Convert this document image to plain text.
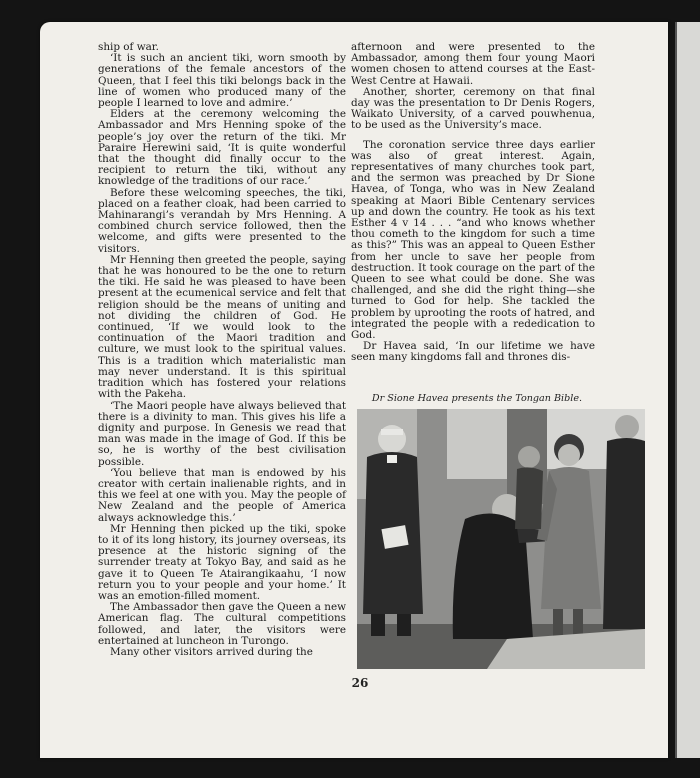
ship of war.

‘It is such an ancient tiki, worn smooth by generations of the female ancestors of the Queen, that I feel this tiki belongs back in the line of women who produced many of the people I learned to love and admire.’

Elders at the ceremony welcoming the Ambassador and Mrs Henning spoke of the people’s joy over the return of the tiki. Mr Paraire Herewini said, ‘It is quite wonderful that the thought did finally occur to the recipient to return the tiki, without any knowledge of the traditions of our race.’

Before these welcoming speeches, the tiki, placed on a feather cloak, had been carried to Mahinarangi’s verandah by Mrs Henning. A combined church service followed, then the welcome, and gifts were presented to the visitors.

Mr Henning then greeted the people, saying that he was honoured to be the one to return the tiki. He said he was pleased to have been present at the ecumenical service and felt that religion should be the means of uniting and not dividing the children of God. He continued, ‘If we would look to the continuation of the Maori tradition and culture, we must look to the spiritual values. This is a tradition which materialistic man may never understand. It is this spiritual tradition which has fostered your relations with the Pakeha.

‘The Maori people have always believed that there is a divinity to man. This gives his life a dignity and purpose. In Genesis we read that man was made in the image of God. If this be so, he is worthy of the best civilisation possible.

‘You believe that man is endowed by his creator with certain inalienable rights, and in this we feel at one with you. May the people of New Zealand and the people of America always acknowledge this.’

Mr Henning then picked up the tiki, spoke to it of its long history, its journey overseas, its presence at the historic signing of the surrender treaty at Tokyo Bay, and said as he gave it to Queen Te Atairangikaahu, ‘I now return you to your people and your home.’ It was an emotion-filled moment.

The Ambassador then gave the Queen a new American flag. The cultural competitions followed, and later, the visitors were entertained at luncheon in Turongo.

Many other visitors arrived during the

afternoon and were presented to the Ambassador, among them four young Maori women chosen to attend courses at the East-West Centre at Hawaii.

Another, shorter, ceremony on that final day was the presentation to Dr Denis Rogers, Waikato University, of a carved pouwhenua, to be used as the University’s mace.

The coronation service three days earlier was also of great interest. Again, representatives of many churches took part, and the sermon was preached by Dr Sione Havea, of Tonga, who was in New Zealand speaking at Maori Bible Centenary services up and down the country. He took as his text Esther 4 v 14 . . . “and who knows whether thou cometh to the kingdom for such a time as this?” This was an appeal to Queen Esther from her uncle to save her people from destruction. It took courage on the part of the Queen to see what could be done. She was challenged, and she did the right thing—she turned to God for help. She tackled the problem by uprooting the roots of hatred, and integrated the people with a rededication to God.

Dr Havea said, ‘In our lifetime we have seen many kingdoms fall and thrones dis-

Dr Sione Havea presents the Tongan Bible.
26
